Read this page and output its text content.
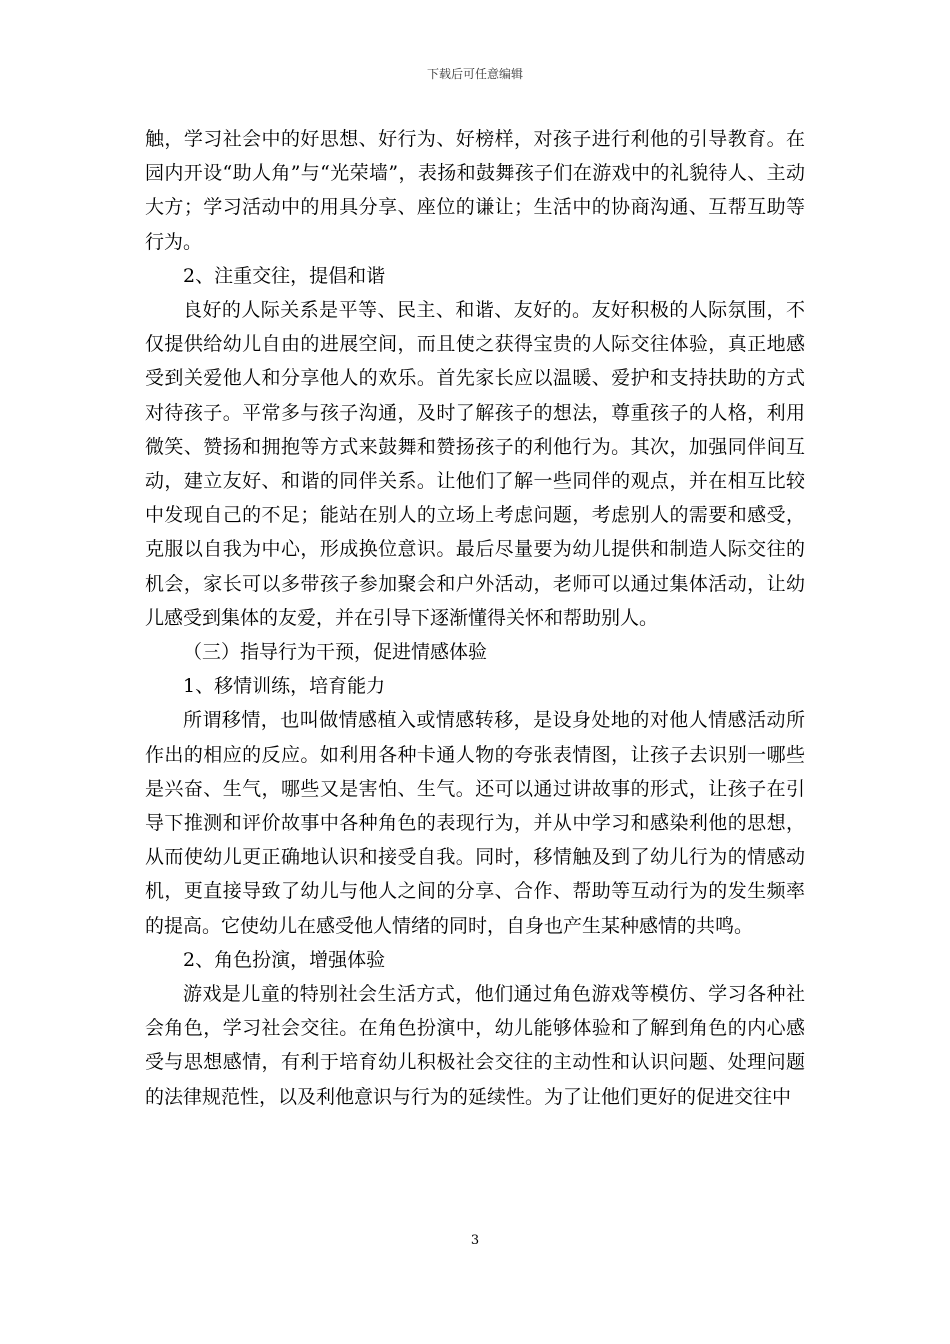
下载后可任意编辑

触，学习社会中的好思想、好行为、好榜样，对孩子进行利他的引导教育。在园内开设“助人角”与“光荣墙”，表扬和鼓舞孩子们在游戏中的礼貌待人、主动大方；学习活动中的用具分享、座位的谦让；生活中的协商沟通、互帮互助等行为。

2、注重交往，提倡和谐

良好的人际关系是平等、民主、和谐、友好的。友好积极的人际氛围，不仅提供给幼儿自由的进展空间，而且使之获得宝贵的人际交往体验，真正地感受到关爱他人和分享他人的欢乐。首先家长应以温暖、爱护和支持扶助的方式对待孩子。平常多与孩子沟通，及时了解孩子的想法，尊重孩子的人格，利用微笑、赞扬和拥抱等方式来鼓舞和赞扬孩子的利他行为。其次，加强同伴间互动，建立友好、和谐的同伴关系。让他们了解一些同伴的观点，并在相互比较中发现自己的不足；能站在别人的立场上考虑问题，考虑别人的需要和感受，克服以自我为中心，形成换位意识。最后尽量要为幼儿提供和制造人际交往的机会，家长可以多带孩子参加聚会和户外活动，老师可以通过集体活动，让幼儿感受到集体的友爱，并在引导下逐渐懂得关怀和帮助别人。

（三）指导行为干预，促进情感体验

1、移情训练，培育能力

所谓移情，也叫做情感植入或情感转移，是设身处地的对他人情感活动所作出的相应的反应。如利用各种卡通人物的夸张表情图，让孩子去识别一哪些是兴奋、生气，哪些又是害怕、生气。还可以通过讲故事的形式，让孩子在引导下推测和评价故事中各种角色的表现行为，并从中学习和感染利他的思想，从而使幼儿更正确地认识和接受自我。同时，移情触及到了幼儿行为的情感动机，更直接导致了幼儿与他人之间的分享、合作、帮助等互动行为的发生频率的提高。它使幼儿在感受他人情绪的同时，自身也产生某种感情的共鸣。

2、角色扮演，增强体验

游戏是儿童的特别社会生活方式，他们通过角色游戏等模仿、学习各种社会角色，学习社会交往。在角色扮演中，幼儿能够体验和了解到角色的内心感受与思想感情，有利于培育幼儿积极社会交往的主动性和认识问题、处理问题的法律规范性，以及利他意识与行为的延续性。为了让他们更好的促进交往中

3
